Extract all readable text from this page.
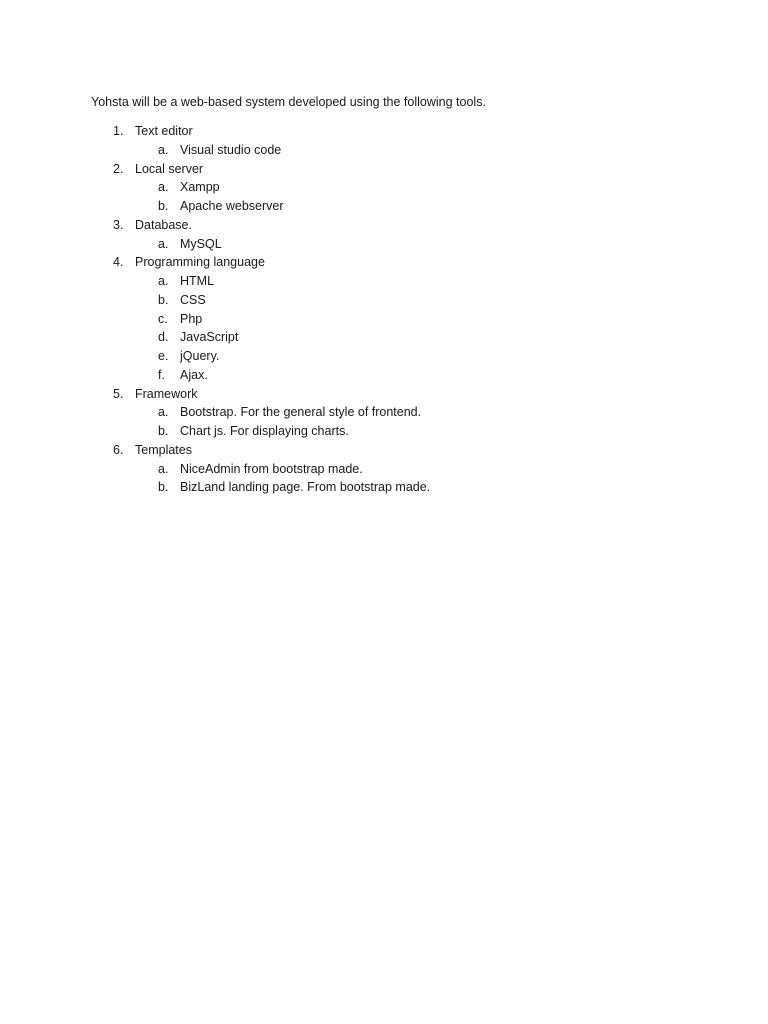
Yohsta will be a web-based system developed using the following tools.

1. Text editor
a. Visual studio code
2. Local server
a. Xampp
b. Apache webserver
3. Database.
a. MySQL
4. Programming language
a. HTML
b. CSS
c. Php
d. JavaScript
e. jQuery.
f. Ajax.
5. Framework
a. Bootstrap. For the general style of frontend.
b. Chart js. For displaying charts.
6. Templates
a. NiceAdmin from bootstrap made.
b. BizLand landing page. From bootstrap made.
